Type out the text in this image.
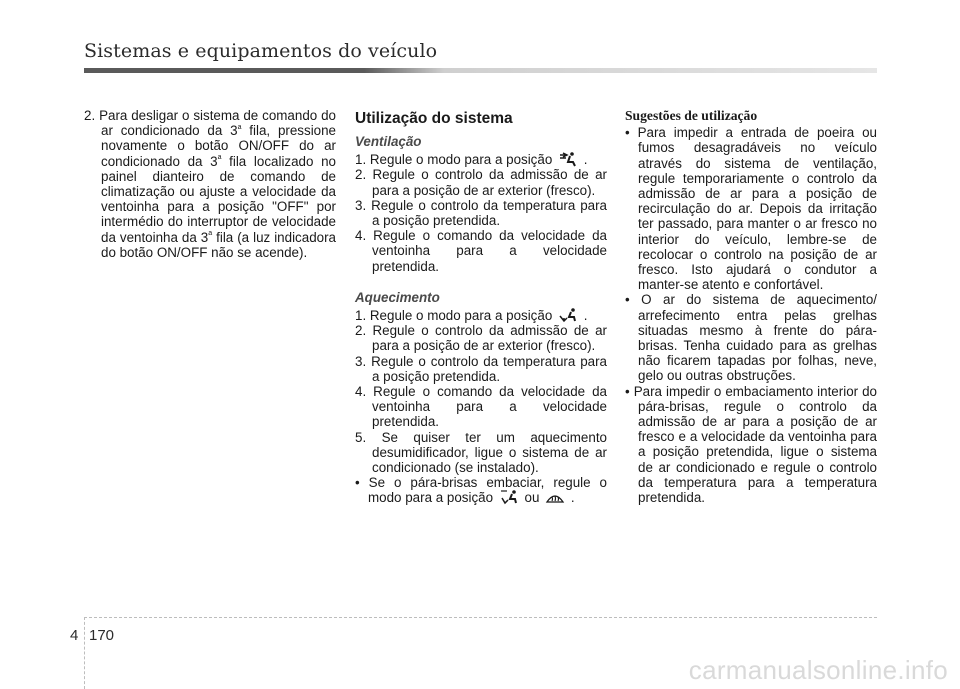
Sistemas e equipamentos do veículo

2. Para desligar o sistema de comando do ar condicionado da 3$^a$ fila, pressione novamente o botão ON/OFF do ar condicionado da 3$^a$ fila localizado no painel dianteiro de comando de climatização ou ajuste a velocidade da ventoinha para a posição "OFF" por intermédio do interruptor de velocidade da ventoinha da 3$^a$ fila (a luz indicadora do botão ON/OFF não se acende).

Utilização do sistema
Ventilação

1. Regule o modo para a posição .

2. Regule o controlo da admissão de ar para a posição de ar exterior (fresco).

3. Regule o controlo da temperatura para a posição pretendida.

4. Regule o comando da velocidade da ventoinha para a velocidade pretendida.

Aquecimento

1. Regule o modo para a posição .

2. Regule o controlo da admissão de ar para a posição de ar exterior (fresco).

3. Regule o controlo da temperatura para a posição pretendida.

4. Regule o comando da velocidade da ventoinha para a velocidade pretendida.

5. Se quiser ter um aquecimento desumidificador, ligue o sistema de ar condicionado (se instalado).

• Se o pára-brisas embaciar, regule o modo para a posição ou .

Sugestões de utilização

• Para impedir a entrada de poeira ou fumos desagradáveis no veículo através do sistema de ventilação, regule temporariamente o controlo da admissão de ar para a posição de recirculação do ar. Depois da irritação ter passado, para manter o ar fresco no interior do veículo, lembre-se de recolocar o controlo na posição de ar fresco. Isto ajudará o condutor a manter-se atento e confortável.

• O ar do sistema de aquecimento/ arrefecimento entra pelas grelhas situadas mesmo à frente do pára-brisas. Tenha cuidado para as grelhas não ficarem tapadas por folhas, neve, gelo ou outras obstruções.

• Para impedir o embaciamento interior do pára-brisas, regule o controlo da admissão de ar para a posição de ar fresco e a velocidade da ventoinha para a posição pretendida, ligue o sistema de ar condicionado e regule o controlo da temperatura para a temperatura pretendida.

4 170
carmanualsonline.info
